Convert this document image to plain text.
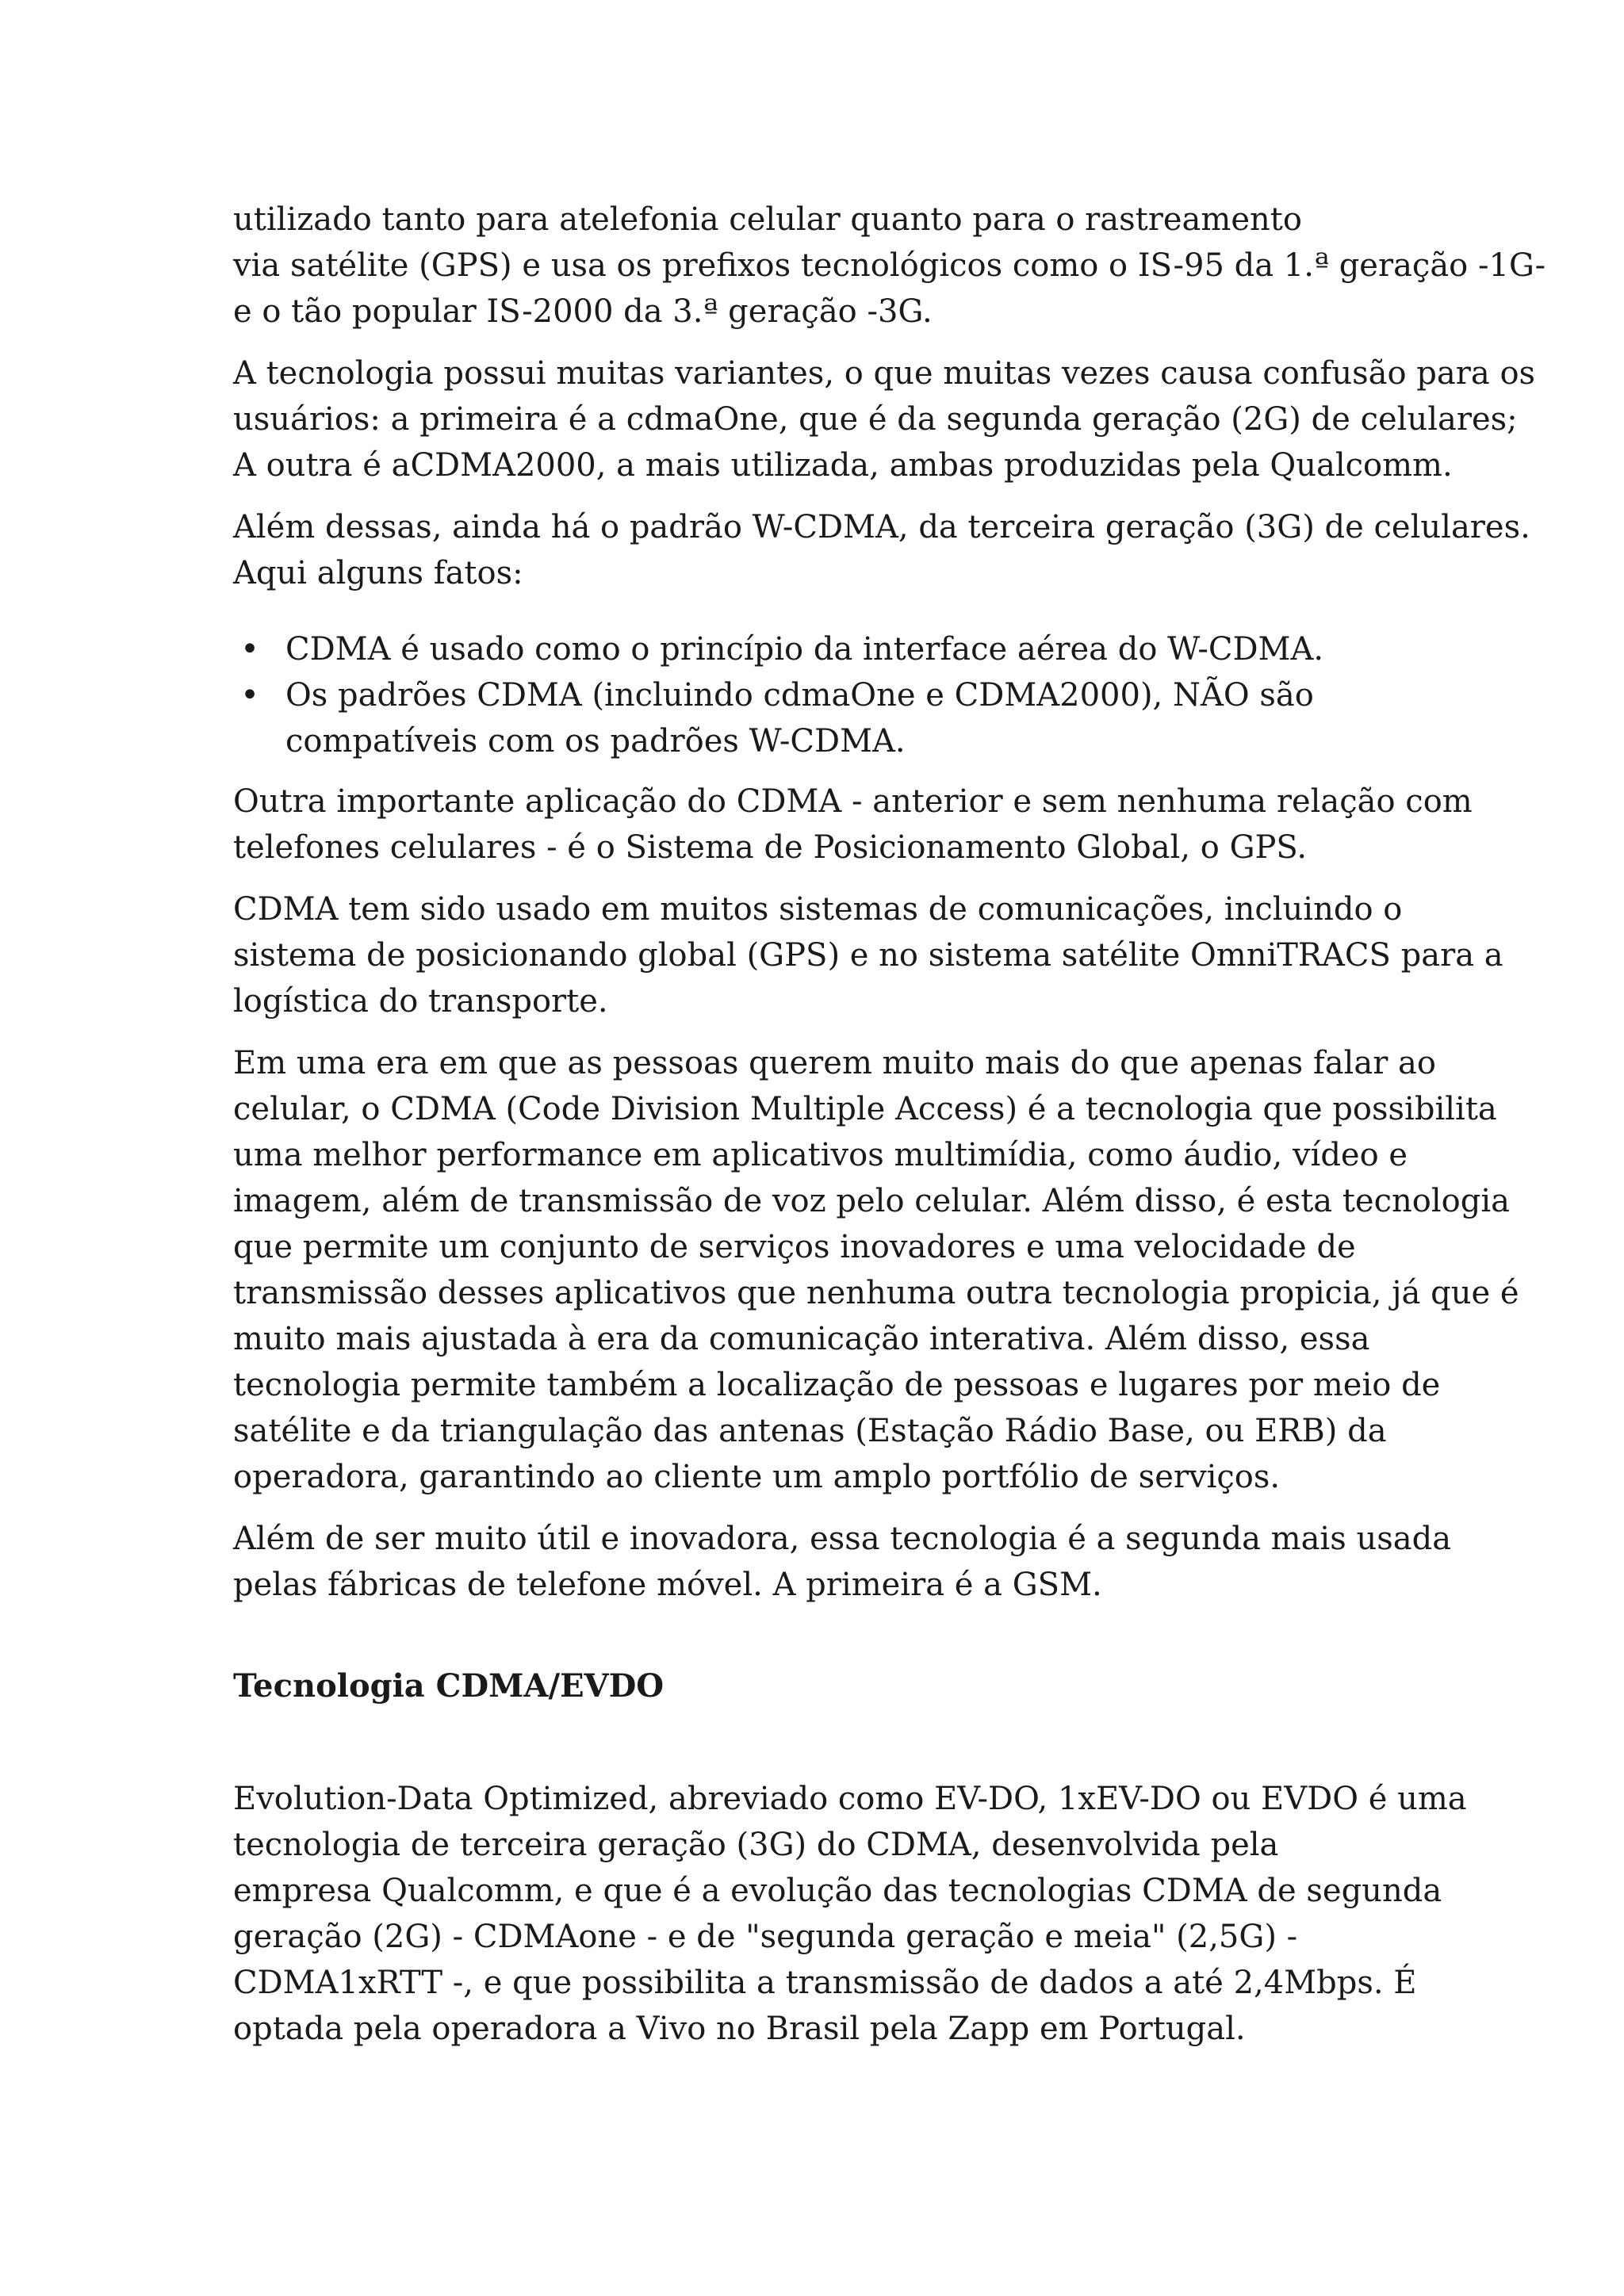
utilizado tanto para atelefonia celular quanto para o rastreamento
via satélite (GPS) e usa os prefixos tecnológicos como o IS-95 da 1.ª geração -1G-
e o tão popular IS-2000 da 3.ª geração -3G.

A tecnologia possui muitas variantes, o que muitas vezes causa confusão para os
usuários: a primeira é a cdmaOne, que é da segunda geração (2G) de celulares;
A outra é aCDMA2000, a mais utilizada, ambas produzidas pela Qualcomm.

Além dessas, ainda há o padrão W-CDMA, da terceira geração (3G) de celulares.
Aqui alguns fatos:

• CDMA é usado como o princípio da interface aérea do W-CDMA.
• Os padrões CDMA (incluindo cdmaOne e CDMA2000), NÃO são
compatíveis com os padrões W-CDMA.

Outra importante aplicação do CDMA - anterior e sem nenhuma relação com
telefones celulares - é o Sistema de Posicionamento Global, o GPS.

CDMA tem sido usado em muitos sistemas de comunicações, incluindo o
sistema de posicionando global (GPS) e no sistema satélite OmniTRACS para a
logística do transporte.

Em uma era em que as pessoas querem muito mais do que apenas falar ao
celular, o CDMA (Code Division Multiple Access) é a tecnologia que possibilita
uma melhor performance em aplicativos multimídia, como áudio, vídeo e
imagem, além de transmissão de voz pelo celular. Além disso, é esta tecnologia
que permite um conjunto de serviços inovadores e uma velocidade de
transmissão desses aplicativos que nenhuma outra tecnologia propicia, já que é
muito mais ajustada à era da comunicação interativa. Além disso, essa
tecnologia permite também a localização de pessoas e lugares por meio de
satélite e da triangulação das antenas (Estação Rádio Base, ou ERB) da
operadora, garantindo ao cliente um amplo portfólio de serviços.

Além de ser muito útil e inovadora, essa tecnologia é a segunda mais usada
pelas fábricas de telefone móvel. A primeira é a GSM.

Tecnologia CDMA/EVDO

Evolution-Data Optimized, abreviado como EV-DO, 1xEV-DO ou EVDO é uma
tecnologia de terceira geração (3G) do CDMA, desenvolvida pela
empresa Qualcomm, e que é a evolução das tecnologias CDMA de segunda
geração (2G) - CDMAone - e de "segunda geração e meia" (2,5G) -
CDMA1xRTT -, e que possibilita a transmissão de dados a até 2,4Mbps. É
optada pela operadora a Vivo no Brasil pela Zapp em Portugal.
